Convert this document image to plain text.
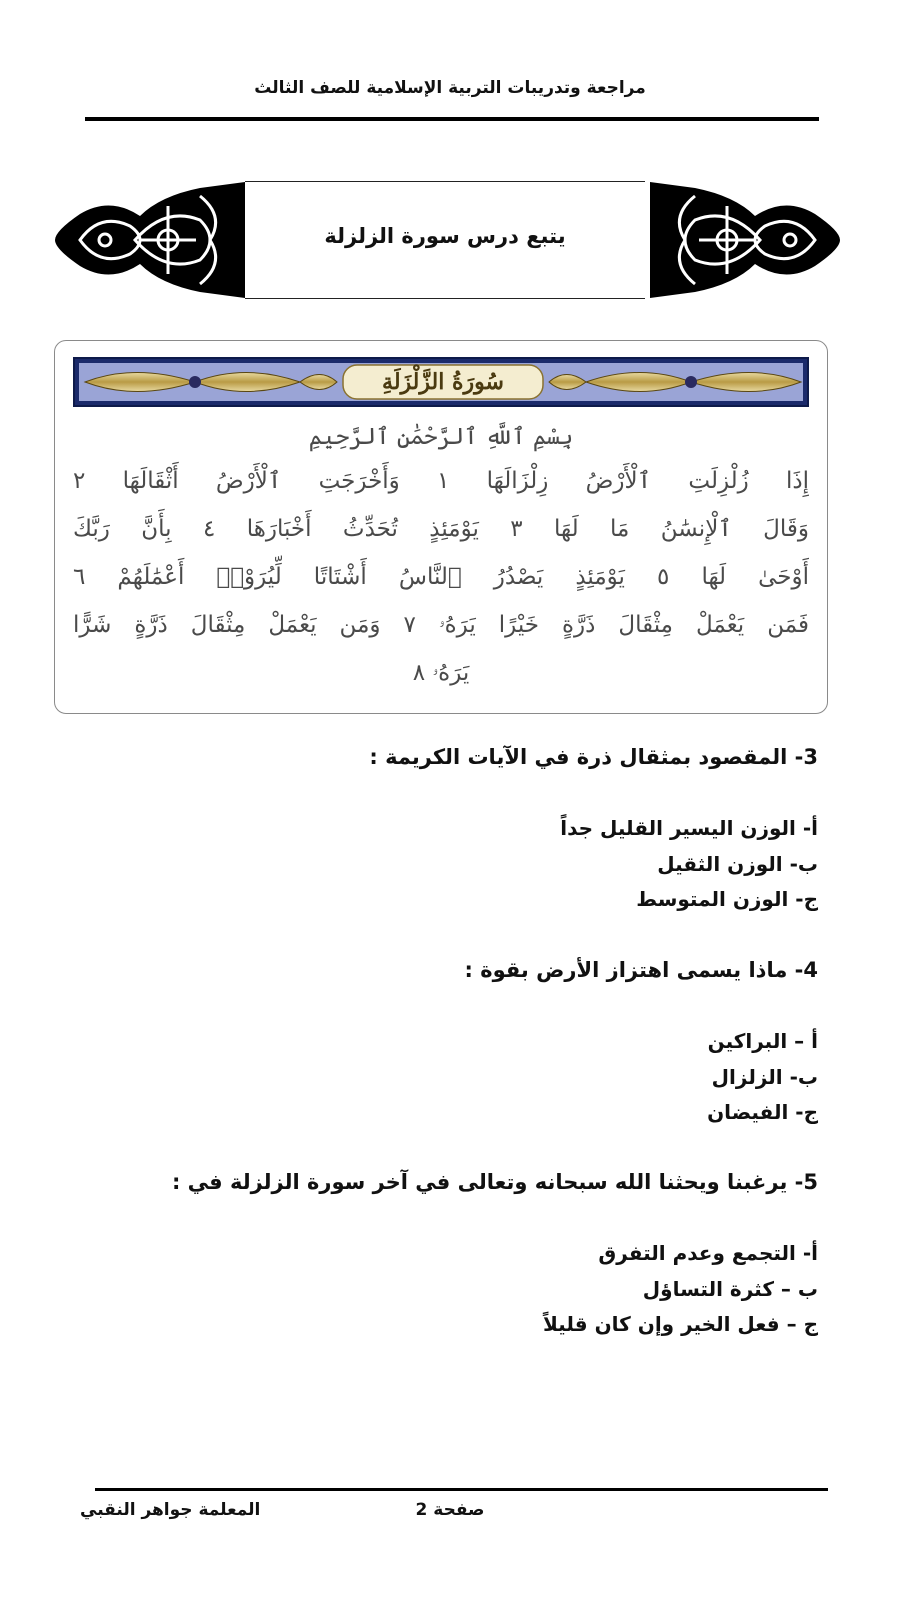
مراجعة وتدريبات التربية الإسلامية للصف الثالث
يتبع درس سورة الزلزلة
سُورَةُ الزَّلْزَلَةِ
بِسْمِ ٱللَّهِ ٱلرَّحْمَٰنِ ٱلرَّحِيمِ
إِذَا زُلْزِلَتِ ٱلْأَرْضُ زِلْزَالَهَا ١ وَأَخْرَجَتِ ٱلْأَرْضُ أَثْقَالَهَا ٢
وَقَالَ ٱلْإِنسَٰنُ مَا لَهَا ٣ يَوْمَئِذٍ تُحَدِّثُ أَخْبَارَهَا ٤ بِأَنَّ رَبَّكَ
أَوْحَىٰ لَهَا ٥ يَوْمَئِذٍ يَصْدُرُ ٱلنَّاسُ أَشْتَاتًا لِّيُرَوْا۟ أَعْمَٰلَهُمْ ٦
فَمَن يَعْمَلْ مِثْقَالَ ذَرَّةٍ خَيْرًا يَرَهُۥ ٧ وَمَن يَعْمَلْ مِثْقَالَ ذَرَّةٍ شَرًّا
يَرَهُۥ ٨
3- المقصود بمثقال ذرة في الآيات الكريمة :
أ- الوزن اليسير القليل جداً
ب- الوزن الثقيل
ج- الوزن المتوسط
4- ماذا يسمى اهتزاز الأرض بقوة :
أ – البراكين
ب- الزلزال
ج- الفيضان
5- يرغبنا ويحثنا الله سبحانه وتعالى في آخر سورة الزلزلة في :
أ- التجمع وعدم التفرق
ب – كثرة التساؤل
ج – فعل الخير وإن كان قليلاً
صفحة 2
المعلمة جواهر النقبي
